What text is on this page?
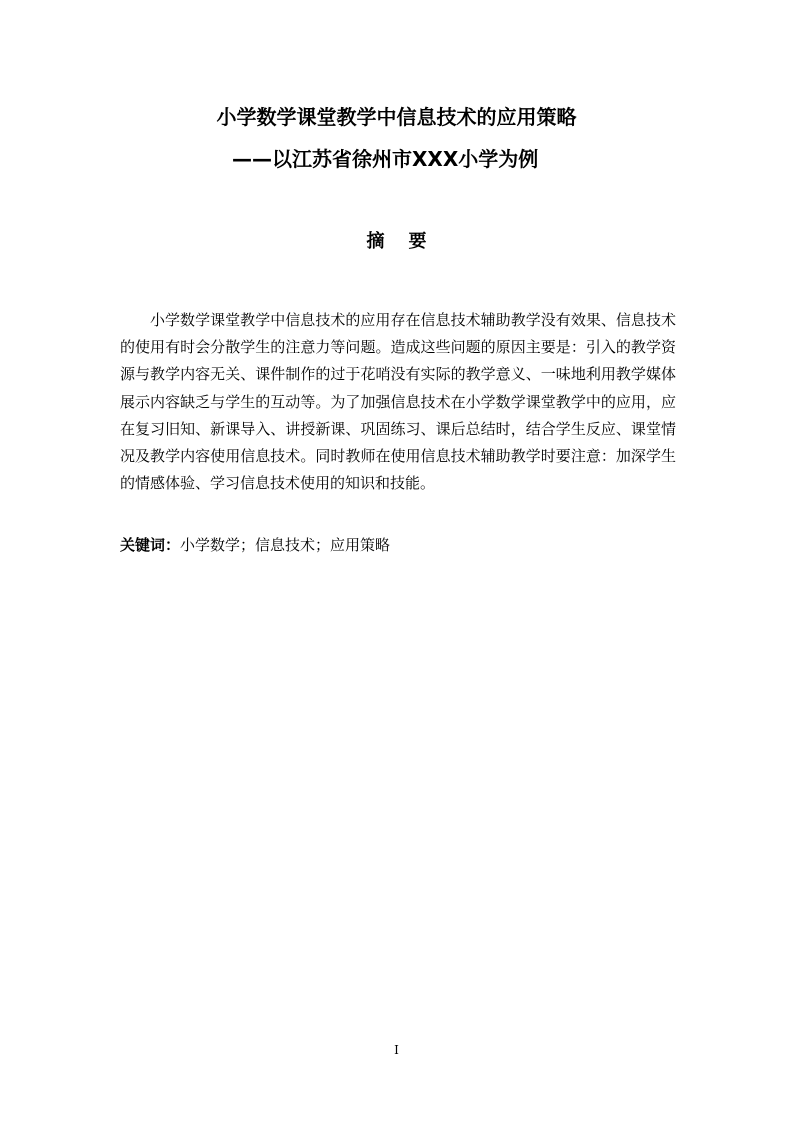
小学数学课堂教学中信息技术的应用策略
——以江苏省徐州市XXX小学为例
摘要

小学数学课堂教学中信息技术的应用存在信息技术辅助教学没有效果、信息技术的使用有时会分散学生的注意力等问题。造成这些问题的原因主要是：引入的教学资源与教学内容无关、课件制作的过于花哨没有实际的教学意义、一味地利用教学媒体展示内容缺乏与学生的互动等。为了加强信息技术在小学数学课堂教学中的应用，应在复习旧知、新课导入、讲授新课、巩固练习、课后总结时，结合学生反应、课堂情况及教学内容使用信息技术。同时教师在使用信息技术辅助教学时要注意：加深学生的情感体验、学习信息技术使用的知识和技能。

关键词：小学数学；信息技术；应用策略
I
